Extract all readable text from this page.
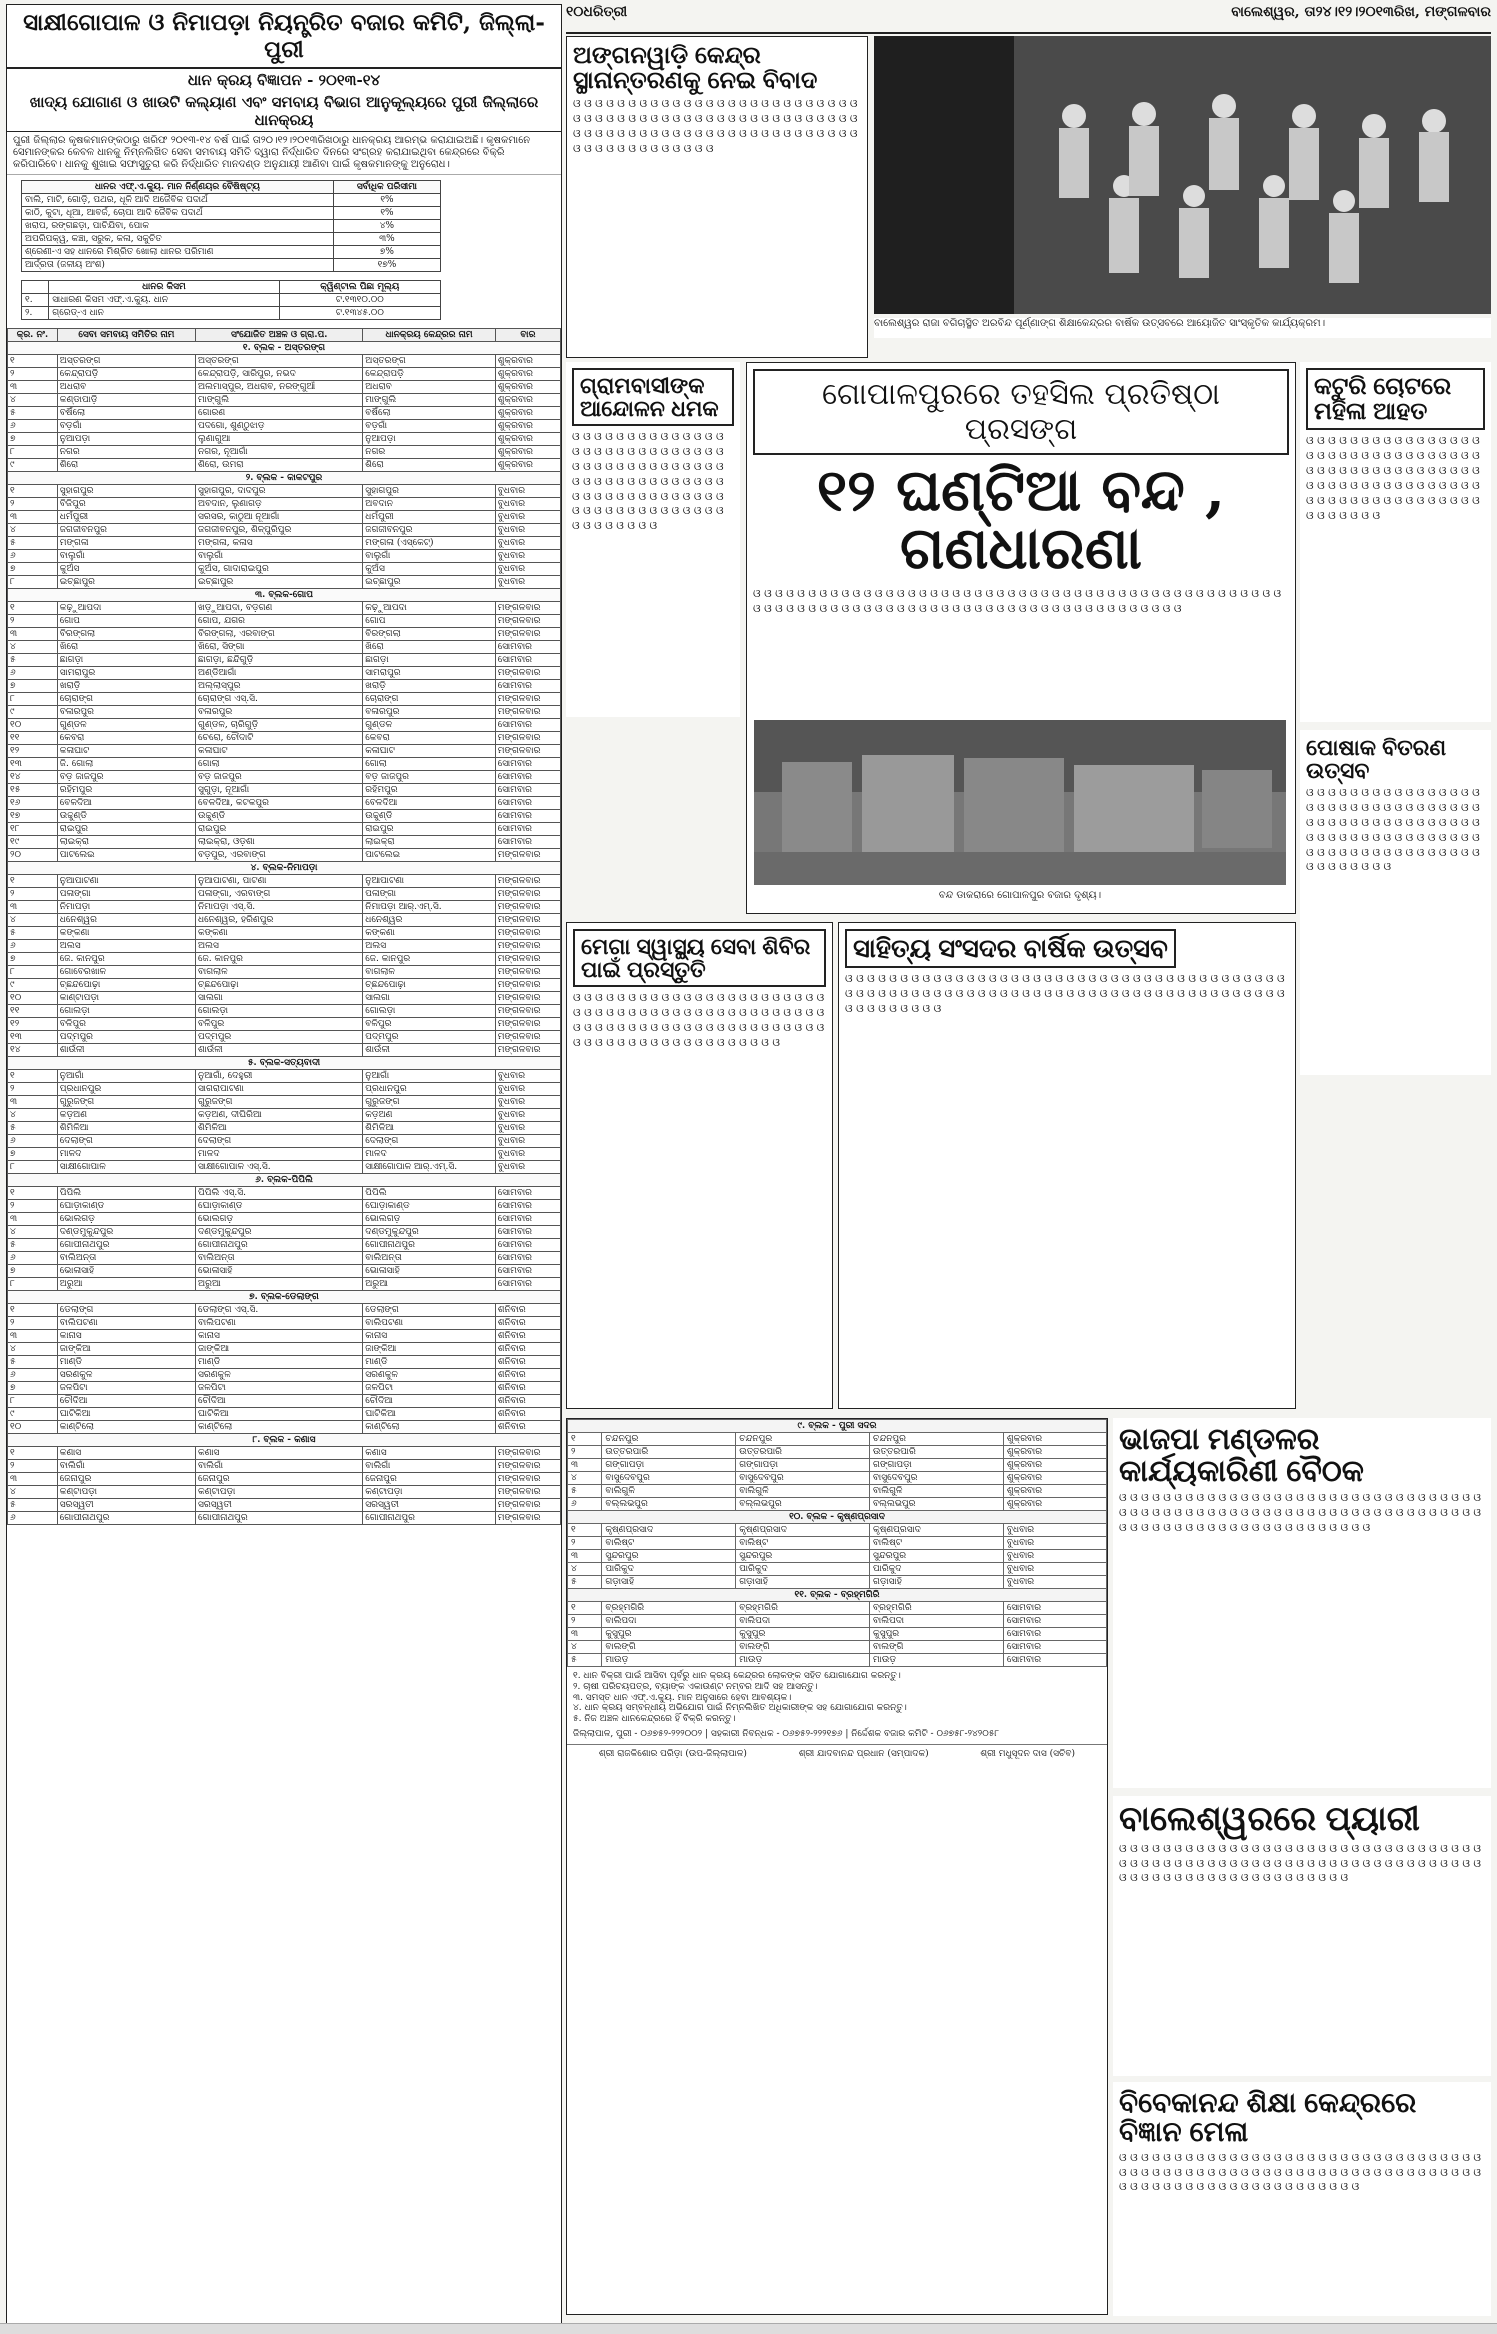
୧୦ଧରିତ୍ରୀ	ବାଲେଶ୍ୱର, ତା୨୪।୧୨।୨୦୧୩ରିଖ, ମଙ୍ଗଳବାର
ସାକ୍ଷୀଗୋପାଳ ଓ ନିମାପଡ଼ା ନିୟନ୍ତ୍ରିତ ବଜାର କମିଟି, ଜିଲ୍ଲା-ପୁରୀ
ଧାନ କ୍ରୟ ବିଜ୍ଞାପନ - ୨୦୧୩-୧୪
ଖାଦ୍ୟ ଯୋଗାଣ ଓ ଖାଉଟି କଲ୍ୟାଣ ଏବଂ ସମବାୟ ବିଭାଗ ଆନୁକୂଲ୍ୟରେ ପୁରୀ ଜିଲ୍ଲାରେ ଧାନକ୍ରୟ
ପୁରୀ ଜିଲ୍ଲାର କୃଷକମାନଙ୍କଠାରୁ ଖରିଫ ୨୦୧୩-୧୪ ବର୍ଷ ପାଇଁ ତା୨୦।୧୨।୨୦୧୩ରିଖଠାରୁ ଧାନକ୍ରୟ ଆରମ୍ଭ କରାଯାଇଅଛି। କୃଷକମାନେ ସେମାନଙ୍କର କେବଳ ଧାନକୁ ନିମ୍ନଲିଖିତ ସେବା ସମବାୟ ସମିତି ଦ୍ୱାରା ନିର୍ଦ୍ଧାରିତ ଦିନରେ ସଂଗ୍ରହ କରାଯାଇଥିବା କେନ୍ଦ୍ରରେ ବିକ୍ରି କରିପାରିବେ। ଧାନକୁ ଶୁଖାଇ ସଫାସୁତୁରା କରି ନିର୍ଦ୍ଧାରିତ ମାନଦଣ୍ଡ ଅନୁଯାୟୀ ଆଣିବା ପାଇଁ କୃଷକମାନଙ୍କୁ ଅନୁରୋଧ।
ଧାନର ଏଫ୍.ଏ.କ୍ୟୁ. ମାନ ନିର୍ଣ୍ଣୟର ବୈଷିଷ୍ଟ୍ୟ	ସର୍ବାଧିକ ପରିସୀମା
ବାଲି, ମାଟି, ଗୋଡ଼ି, ପଥର, ଧୂଳି ଆଦି ଅଜୈବିକ ପଦାର୍ଥ	୧%
କାଠି, କୁଟା, ଧୂଆ, ଆବର୍ଜ, ଚୋପା ଆଦି ଜୈବିକ ପଦାର୍ଥ	୧%
ଖରାପ, ରଙ୍ଗଛଡ଼ା, ପାଚିଯିବା, ପୋକ	୪%
ଅପରିପକ୍ୱ, କଞ୍ଚା, ସରୁକ, କଳା, ସକୁଚିତ	୩%
ଶ୍ରେଣୀ-ଏ ସହ ଧାନରେ ମିଶ୍ରିତ ଖୋଲା ଧାନର ପରିମାଣ	୭%
ଆର୍ଦ୍ରତା (ଜଳୀୟ ଅଂଶ)	୧୭%
	ଧାନର କିସମ	କ୍ୱିଣ୍ଟାଲ ପିଛା ମୂଲ୍ୟ
୧.	ସାଧାରଣ କିସମ ଏଫ୍.ଏ.କ୍ୟୁ. ଧାନ	ଟ.୧୩୧୦.୦୦
୨.	ଗ୍ରେଡ୍-ଏ ଧାନ	ଟ.୧୩୪୫.୦୦
କ୍ର. ନଂ.	ସେବା ସମବାୟ ସମିତିର ନାମ	ସଂଯୋଜିତ ଅଞ୍ଚଳ ଓ ଗ୍ରା.ପ.	ଧାନକ୍ରୟ କେନ୍ଦ୍ରର ନାମ	ବାର
୧. ବ୍ଲକ - ଅସ୍ତରଙ୍ଗ				
୧	ଅସ୍ତରଙ୍ଗ	ଅସ୍ତରଙ୍ଗ	ଅସ୍ତରଙ୍ଗ	ଶୁକ୍ରବାର
୨	କେନ୍ଦ୍ରାପଡ଼ି	କେନ୍ଦ୍ରାପଡ଼ି, ସାରିପୁର, ନଭଦ	କେନ୍ଦ୍ରାପଡ଼ି	ଶୁକ୍ରବାର
୩	ଅଧରାବ	ଅଲମାସ୍ପୁର, ଅଧରାବ, ନରଙ୍ଗୁଆଁ	ଅଧରାବ	ଶୁକ୍ରବାର
୪	କଣ୍ଡାପାଡ଼ି	ମାଙ୍ଗୁଲି	ମାଙ୍ଗୁଲି	ଶୁକ୍ରବାର
୫	ବର୍ଷିଲୋ	ଗୋରଣ	ବର୍ଷିଲୋ	ଶୁକ୍ରବାର
୬	ବଡ଼ଗାଁ	ପଦଗୋ, ଶୁଣ୍ଠୁଝାଡ଼	ବଡ଼ଗାଁ	ଶୁକ୍ରବାର
୭	ନୁଆପଡ଼ା	ଲୁଣାଗୁଆ	ନୁଆପଡ଼ା	ଶୁକ୍ରବାର
୮	ନଗର	ନଗର, ନୂଆଗାଁ	ନଗର	ଶୁକ୍ରବାର
୯	ଶିରୋ	ଶିରୋ, ଉମରା	ଶିରୋ	ଶୁକ୍ରବାର
୨. ବ୍ଲକ - କାକଟପୁର				
୧	ସୁହାଗପୁର	ସୁହାଗପୁର, ଦାଦପୁର	ସୁହାଗପୁର	ବୁଧବାର
୨	ବିଜିପୁର	ଅବଦାନ, ଲୁଣାଗଡ଼	ଅବଦାନ	ବୁଧବାର
୩	ଧର୍ମପୁରୀ	ସରସର, କାଠୁଆ ନୂଆଗାଁ	ଧର୍ମପୁରୀ	ବୁଧବାର
୪	ଜଗଜୀବନପୁର	ଜଗଜୀବନପୁର, ଶିଳ୍ପୁରିପୁର	ଜଗଜୀବନପୁର	ବୁଧବାର
୫	ମଙ୍ଗଳା	ମଙ୍ଗଳା, କଳାସ	ମଙ୍ଗଳା (ଏସ୍କେଟ୍)	ବୁଧବାର
୬	ବାଲୁଗାଁ	ବାଲୁଗାଁ	ବାଲୁଗାଁ	ବୁଧବାର
୭	କୁଅଁସ	କୁଅଁସ, ଗାଦାରାଇପୁର	କୁଅଁସ	ବୁଧବାର
୮	ଇଚ୍ଛାପୁର	ଇଚ୍ଛାପୁର	ଇଚ୍ଛାପୁର	ବୁଧବାର
୩. ବ୍ଲକ-ଗୋପ				
୧	କଢ଼ୁଆପଦା	ଖଡ଼ୁଆପଦା, ବଡ଼ଗଣ	କଢ଼ୁଆପଦା	ମଙ୍ଗଳବାର
୨	ଗୋପ	ଗୋପ, ଯଗର	ଗୋପ	ମଙ୍ଗଳବାର
୩	ବିରଙ୍ଗଲା	ବିରଙ୍ଗଲା, ଏରବାଙ୍ଗ	ବିରଙ୍ଗଲା	ମଙ୍ଗଳବାର
୪	ଖିରୋ	ଖିରୋ, ସିଙ୍ଗା	ଖିରୋ	ସୋମବାର
୫	ଛାଗଡ଼ା	ଛାଗଡ଼ା, ଛନ୍ଦିଗୁଡ଼ି	ଛାଗଡ଼ା	ସୋମବାର
୬	ସାମରାପୁର	ଅଣ୍ଡିଆଗାଁ	ସାମରାପୁର	ମଙ୍ଗଳବାର
୭	ଖରାଡ଼ି	ଅଲ୍ଲାସ୍ପୁର	ଖରାଡ଼ି	ସୋମବାର
୮	ଚୋରାଙ୍ଗ	ଚୋରାଙ୍ଗ ଏସ୍.ସି.	ଚୋରାଙ୍ଗ	ମଙ୍ଗଳବାର
୯	ବଳାରପୁର	ବଳାରପୁର	ବଳାରପୁର	ମଙ୍ଗଳବାର
୧୦	ଗୁଣ୍ଡଳ	ଗୁଣ୍ଡଳ, ଚାରିଗୁଡ଼ି	ଗୁଣ୍ଡଳ	ସୋମବାର
୧୧	କେବରା	ଚେରୋ, ଚୌଦାଟି	କେବରା	ମଙ୍ଗଳବାର
୧୨	କଳାଘାଟ	କଳାଘାଟ	କଳାଘାଟ	ମଙ୍ଗଳବାର
୧୩	ଜି. ଗୋଲା	ଗୋଲା	ଗୋଲା	ସୋମବାର
୧୪	ବଡ଼ ଜାଜପୁର	ବଡ଼ ଜାଜପୁର	ବଡ଼ ଜାଜପୁର	ସୋମବାର
୧୫	ରହିମପୁର	ସୁଗୁଡ଼ା, ନୂଆଗାଁ	ରହିମପୁର	ସୋମବାର
୧୬	ବେଳଦିଆ	ବେଳଦିଆ, କଟକପୁର	ବେଳଦିଆ	ସୋମବାର
୧୭	ଉଚ୍ଚୁଣ୍ଡି	ଉଚ୍ଚୁଣ୍ଡି	ଉଚ୍ଚୁଣ୍ଡି	ସୋମବାର
୧୮	ରାଇପୁର	ରାଇପୁର	ରାଇପୁର	ସୋମବାର
୧୯	ଲାଇକ୍ରା	ଲାଇକ୍ରା, ଓଡ଼ଶା	ଲାଇକ୍ରା	ସୋମବାର
୨୦	ପାଟଲେଇ	ବଡ଼ପୁର, ଏରବାଙ୍ଗ	ପାଟଲେଇ	ମଙ୍ଗଳବାର
୪. ବ୍ଲକ-ନିମାପଡ଼ା				
୧	ନୁଆପାଟଣା	ନୁଆପାଟଣା, ପାଟଣା	ନୁଆପାଟଣା	ମଙ୍ଗଳବାର
୨	ପଳାଙ୍ଗା	ପଳାଙ୍ଗା, ଏରବାଙ୍ଗ	ପଳାଙ୍ଗା	ମଙ୍ଗଳବାର
୩	ନିମାପଡ଼ା	ନିମାପଡ଼ା ଏସ୍.ସି.	ନିମାପଡ଼ା ଆର୍.ଏମ୍.ସି.	ମଙ୍ଗଳବାର
୪	ଧନେଶ୍ୱର	ଧନେଶ୍ୱର, ହରିଣପୁର	ଧନେଶ୍ୱର	ମଙ୍ଗଳବାର
୫	କଙ୍କଣା	କଙ୍କଣା	କଙ୍କଣା	ମଙ୍ଗଳବାର
୬	ଅଲସ	ଅଲସ	ଅଲସ	ମଙ୍ଗଳବାର
୭	ଜେ. କାନପୁର	ଜେ. କାନପୁର	ଜେ. କାନପୁର	ମଙ୍ଗଳବାର
୮	ଗୋବେରଖାଳ	ବାଗଲାଳ	ବାଗଲାଳ	ମଙ୍ଗଳବାର
୯	ଚ୍ଛନ୍ଦପୋଢ଼ା	ଚ୍ଛନ୍ଦପୋଢ଼ା	ଚ୍ଛନ୍ଦପୋଢ଼ା	ମଙ୍ଗଳବାର
୧୦	କାଣ୍ଟାପଡ଼ା	ସାଲଗା	ସାଲଗା	ମଙ୍ଗଳବାର
୧୧	ଗୋଲଡ଼ା	ଗୋଲଡ଼ା	ଗୋଲଡ଼ା	ମଙ୍ଗଳବାର
୧୨	ବଳିପୁର	ବଳିପୁର	ବଳିପୁର	ମଙ୍ଗଳବାର
୧୩	ପଦ୍ମପୁର	ପଦ୍ମପୁର	ପଦ୍ମପୁର	ମଙ୍ଗଳବାର
୧୪	ଶାଉଁଳୀ	ଶାଉଁଳୀ	ଶାଉଁଳୀ	ମଙ୍ଗଳବାର
୫. ବ୍ଲକ-ସତ୍ୟବାଦୀ				
୧	ନୁଆଗାଁ	ନୁଆଗାଁ, ଦେହୁରୀ	ନୁଆଗାଁ	ବୁଧବାର
୨	ପ୍ରଧାନପୁର	ସାଗରାପାଟଣା	ପ୍ରଧାନପୁର	ବୁଧବାର
୩	ଗୁରୁଜଙ୍ଗ	ଗୁରୁଜଙ୍ଗ	ଗୁରୁଜଙ୍ଗ	ବୁଧବାର
୪	କଡ଼ଅଣ	କଡ଼ଅଣ, ଦୀଘିରିଆ	କଡ଼ଅଣ	ବୁଧବାର
୫	ଶିମିଳିଆ	ଶିମିଳିଆ	ଶିମିଳିଆ	ବୁଧବାର
୬	ଦେଲାଙ୍ଗ	ଦେଲାଙ୍ଗ	ଦେଲାଙ୍ଗ	ବୁଧବାର
୭	ମାଳଦ	ମାଳଦ	ମାଳଦ	ବୁଧବାର
୮	ସାକ୍ଷୀଗୋପାଳ	ସାକ୍ଷୀଗୋପାଳ ଏସ୍.ସି.	ସାକ୍ଷୀଗୋପାଳ ଆର୍.ଏମ୍.ସି.	ବୁଧବାର
୬. ବ୍ଲକ-ପିପିଲି				
୧	ପିପିଲି	ପିପିଲି ଏସ୍.ସି.	ପିପିଲି	ସୋମବାର
୨	ଘୋଡ଼ାକାଣ୍ଡ	ଘୋଡ଼ାକାଣ୍ଡ	ଘୋଡ଼ାକାଣ୍ଡ	ସୋମବାର
୩	ଭୋଲଗଡ଼	ଭୋଲଗଡ଼	ଭୋଲଗଡ଼	ସୋମବାର
୪	ଦଣ୍ଡମୁକୁନ୍ଦପୁର	ଦଣ୍ଡମୁକୁନ୍ଦପୁର	ଦଣ୍ଡମୁକୁନ୍ଦପୁର	ସୋମବାର
୫	ଗୋପୀନାଥପୁର	ଗୋପୀନାଥପୁର	ଗୋପୀନାଥପୁର	ସୋମବାର
୬	ବାଲିଅନ୍ତା	ବାଲିଅନ୍ତା	ବାଲିଅନ୍ତା	ସୋମବାର
୭	ଭୋଳାସାହି	ଭୋଳାସାହି	ଭୋଳାସାହି	ସୋମବାର
୮	ଅରୁଆ	ଅରୁଆ	ଅରୁଆ	ସୋମବାର
୭. ବ୍ଲକ-ଡେଲାଙ୍ଗ				
୧	ଡେଲାଙ୍ଗ	ଡେଲାଙ୍ଗ ଏସ୍.ସି.	ଡେଲାଙ୍ଗ	ଶନିବାର
୨	ବାଲିପଟଣା	ବାଲିପଟଣା	ବାଲିପଟଣା	ଶନିବାର
୩	କାନାସ	କାନାସ	କାନାସ	ଶନିବାର
୪	ଜାଙ୍କିଆ	ଜାଙ୍କିଆ	ଜାଙ୍କିଆ	ଶନିବାର
୫	ମାଣ୍ଡି	ମାଣ୍ଡି	ମାଣ୍ଡି	ଶନିବାର
୬	ସରଣକୁଳ	ସରଣକୁଳ	ସରଣକୁଳ	ଶନିବାର
୭	ଜଳପିଟା	ଜଳପିଟା	ଜଳପିଟା	ଶନିବାର
୮	ଚୌଦିଆ	ଚୌଦିଆ	ଚୌଦିଆ	ଶନିବାର
୯	ଘାଟିକିଆ	ଘାଟିକିଆ	ଘାଟିକିଆ	ଶନିବାର
୧୦	କାଣ୍ଟିଲୋ	କାଣ୍ଟିଲୋ	କାଣ୍ଟିଲୋ	ଶନିବାର
୮. ବ୍ଲକ - କଣାସ				
୧	କଣାସ	କଣାସ	କଣାସ	ମଙ୍ଗଳବାର
୨	ବାଲିଗାଁ	ବାଲିଗାଁ	ବାଲିଗାଁ	ମଙ୍ଗଳବାର
୩	ଜେନାପୁର	ଜେନାପୁର	ଜେନାପୁର	ମଙ୍ଗଳବାର
୪	କଣ୍ଟାପଡ଼ା	କଣ୍ଟାପଡ଼ା	କଣ୍ଟାପଡ଼ା	ମଙ୍ଗଳବାର
୫	ସରସ୍ୱତୀ	ସରସ୍ୱତୀ	ସରସ୍ୱତୀ	ମଙ୍ଗଳବାର
୬	ଗୋପୀନାଥପୁର	ଗୋପୀନାଥପୁର	ଗୋପୀନାଥପୁର	ମଙ୍ଗଳବାର
ଅଙ୍ଗନୱାଡ଼ି କେନ୍ଦ୍ର ସ୍ଥାନାନ୍ତରଣକୁ ନେଇ ବିବାଦ

ଓ ଓ ଓ ଓ ଓ ଓ ଓ ଓ ଓ ଓ ଓ ଓ ଓ ଓ ଓ ଓ ଓ ଓ ଓ ଓ ଓ ଓ ଓ ଓ ଓ ଓ ଓ ଓ ଓ ଓ ଓ ଓ ଓ ଓ ଓ ଓ ଓ ଓ ଓ ଓ ଓ ଓ ଓ ଓ ଓ ଓ ଓ ଓ ଓ ଓ ଓ ଓ ଓ ଓ ଓ ଓ ଓ ଓ ଓ ଓ ଓ ଓ ଓ ଓ ଓ ଓ ଓ ଓ ଓ ଓ ଓ ଓ ଓ ଓ ଓ ଓ ଓ ଓ ଓ ଓ ଓ ଓ ଓ ଓ ଓ ଓ ଓ ଓ ଓ ଓ ଓ

ବାଲେଶ୍ୱର ରାଜା ବଗିଚାସ୍ଥିତ ଅରବିନ୍ଦ ପୂର୍ଣ୍ଣାଙ୍ଗ ଶିକ୍ଷାକେନ୍ଦ୍ରର ବାର୍ଷିକ ଉତ୍ସବରେ ଆୟୋଜିତ ସାଂସ୍କୃତିକ କାର୍ଯ୍ୟକ୍ରମ।
ଗ୍ରାମବାସୀଙ୍କ ଆନ୍ଦୋଳନ ଧମକ

ଓ ଓ ଓ ଓ ଓ ଓ ଓ ଓ ଓ ଓ ଓ ଓ ଓ ଓ ଓ ଓ ଓ ଓ ଓ ଓ ଓ ଓ ଓ ଓ ଓ ଓ ଓ ଓ ଓ ଓ ଓ ଓ ଓ ଓ ଓ ଓ ଓ ଓ ଓ ଓ ଓ ଓ ଓ ଓ ଓ ଓ ଓ ଓ ଓ ଓ ଓ ଓ ଓ ଓ ଓ ଓ ଓ ଓ ଓ ଓ ଓ ଓ ଓ ଓ ଓ ଓ ଓ ଓ ଓ ଓ ଓ ଓ ଓ ଓ ଓ ଓ ଓ ଓ ଓ ଓ ଓ ଓ ଓ ଓ ଓ ଓ ଓ ଓ ଓ ଓ ଓ ଓ

ଗୋପାଳପୁରରେ ତହସିଲ ପ୍ରତିଷ୍ଠା ପ୍ରସଙ୍ଗ
୧୨ ଘଣ୍ଟିଆ ବନ୍ଦ , ଗଣଧାରଣା

ଓ ଓ ଓ ଓ ଓ ଓ ଓ ଓ ଓ ଓ ଓ ଓ ଓ ଓ ଓ ଓ ଓ ଓ ଓ ଓ ଓ ଓ ଓ ଓ ଓ ଓ ଓ ଓ ଓ ଓ ଓ ଓ ଓ ଓ ଓ ଓ ଓ ଓ ଓ ଓ ଓ ଓ ଓ ଓ ଓ ଓ ଓ ଓ ଓ ଓ ଓ ଓ ଓ ଓ ଓ ଓ ଓ ଓ ଓ ଓ ଓ ଓ ଓ ଓ ଓ ଓ ଓ ଓ ଓ ଓ ଓ ଓ ଓ ଓ ଓ ଓ ଓ ଓ ଓ ଓ ଓ ଓ ଓ ଓ ଓ ଓ ଓ

ବନ୍ଦ ଡାକରାରେ ଗୋପାଳପୁର ବଜାର ଦୃଶ୍ୟ।
କଟୁରି ଚୋଟରେ ମହିଳା ଆହତ

ଓ ଓ ଓ ଓ ଓ ଓ ଓ ଓ ଓ ଓ ଓ ଓ ଓ ଓ ଓ ଓ ଓ ଓ ଓ ଓ ଓ ଓ ଓ ଓ ଓ ଓ ଓ ଓ ଓ ଓ ଓ ଓ ଓ ଓ ଓ ଓ ଓ ଓ ଓ ଓ ଓ ଓ ଓ ଓ ଓ ଓ ଓ ଓ ଓ ଓ ଓ ଓ ଓ ଓ ଓ ଓ ଓ ଓ ଓ ଓ ଓ ଓ ଓ ଓ ଓ ଓ ଓ ଓ ଓ ଓ ଓ ଓ ଓ ଓ ଓ ଓ ଓ ଓ ଓ ଓ ଓ ଓ ଓ ଓ ଓ ଓ ଓ

ପୋଷାକ ବିତରଣ ଉତ୍ସବ

ଓ ଓ ଓ ଓ ଓ ଓ ଓ ଓ ଓ ଓ ଓ ଓ ଓ ଓ ଓ ଓ ଓ ଓ ଓ ଓ ଓ ଓ ଓ ଓ ଓ ଓ ଓ ଓ ଓ ଓ ଓ ଓ ଓ ଓ ଓ ଓ ଓ ଓ ଓ ଓ ଓ ଓ ଓ ଓ ଓ ଓ ଓ ଓ ଓ ଓ ଓ ଓ ଓ ଓ ଓ ଓ ଓ ଓ ଓ ଓ ଓ ଓ ଓ ଓ ଓ ଓ ଓ ଓ ଓ ଓ ଓ ଓ ଓ ଓ ଓ ଓ ଓ ଓ ଓ ଓ ଓ ଓ ଓ ଓ ଓ ଓ ଓ ଓ

ମେଗା ସ୍ୱାସ୍ଥ୍ୟ ସେବା ଶିବିର ପାଇଁ ପ୍ରସ୍ତୁତି

ଓ ଓ ଓ ଓ ଓ ଓ ଓ ଓ ଓ ଓ ଓ ଓ ଓ ଓ ଓ ଓ ଓ ଓ ଓ ଓ ଓ ଓ ଓ ଓ ଓ ଓ ଓ ଓ ଓ ଓ ଓ ଓ ଓ ଓ ଓ ଓ ଓ ଓ ଓ ଓ ଓ ଓ ଓ ଓ ଓ ଓ ଓ ଓ ଓ ଓ ଓ ଓ ଓ ଓ ଓ ଓ ଓ ଓ ଓ ଓ ଓ ଓ ଓ ଓ ଓ ଓ ଓ ଓ ଓ ଓ ଓ ଓ ଓ ଓ ଓ ଓ ଓ ଓ ଓ ଓ ଓ ଓ ଓ ଓ ଓ ଓ ଓ ଓ

ସାହିତ୍ୟ ସଂସଦର ବାର୍ଷିକ ଉତ୍ସବ

ଓ ଓ ଓ ଓ ଓ ଓ ଓ ଓ ଓ ଓ ଓ ଓ ଓ ଓ ଓ ଓ ଓ ଓ ଓ ଓ ଓ ଓ ଓ ଓ ଓ ଓ ଓ ଓ ଓ ଓ ଓ ଓ ଓ ଓ ଓ ଓ ଓ ଓ ଓ ଓ ଓ ଓ ଓ ଓ ଓ ଓ ଓ ଓ ଓ ଓ ଓ ଓ ଓ ଓ ଓ ଓ ଓ ଓ ଓ ଓ ଓ ଓ ଓ ଓ ଓ ଓ ଓ ଓ ଓ ଓ ଓ ଓ ଓ ଓ ଓ ଓ ଓ ଓ ଓ ଓ ଓ ଓ ଓ ଓ ଓ ଓ ଓ ଓ ଓ

୯. ବ୍ଲକ - ପୁରୀ ସଦର				
୧	ଚନ୍ଦନପୁର	ଚନ୍ଦନପୁର	ଚନ୍ଦନପୁର	ଶୁକ୍ରବାର
୨	ଉତ୍ତରପାରି	ଉତ୍ତରପାରି	ଉତ୍ତରପାରି	ଶୁକ୍ରବାର
୩	ଗଙ୍ଗାପଡ଼ା	ଗଙ୍ଗାପଡ଼ା	ଗଙ୍ଗାପଡ଼ା	ଶୁକ୍ରବାର
୪	ବାସୁଦେବପୁର	ବାସୁଦେବପୁର	ବାସୁଦେବପୁର	ଶୁକ୍ରବାର
୫	ବାଲିଗୁଳି	ବାଲିଗୁଳି	ବାଲିଗୁଳି	ଶୁକ୍ରବାର
୬	ବଲ୍ଲଭପୁର	ବଲ୍ଲଭପୁର	ବଲ୍ଲଭପୁର	ଶୁକ୍ରବାର
୧୦. ବ୍ଲକ - କୃଷ୍ଣପ୍ରସାଦ				
୧	କୃଷ୍ଣପ୍ରସାଦ	କୃଷ୍ଣପ୍ରସାଦ	କୃଷ୍ଣପ୍ରସାଦ	ବୁଧବାର
୨	ବାଲିଷ୍ଟ	ବାଲିଷ୍ଟ	ବାଲିଷ୍ଟ	ବୁଧବାର
୩	ସୁନ୍ଦରପୁର	ସୁନ୍ଦରପୁର	ସୁନ୍ଦରପୁର	ବୁଧବାର
୪	ପାରିକୁଦ	ପାରିକୁଦ	ପାରିକୁଦ	ବୁଧବାର
୫	ଗଡ଼ାସାହି	ଗଡ଼ାସାହି	ଗଡ଼ାସାହି	ବୁଧବାର
୧୧. ବ୍ଲକ - ବ୍ରହ୍ମଗିରି				
୧	ବ୍ରହ୍ମଗିରି	ବ୍ରହ୍ମଗିରି	ବ୍ରହ୍ମଗିରି	ସୋମବାର
୨	ବାଲିପଦା	ବାଲିପଦା	ବାଲିପଦା	ସୋମବାର
୩	କୁସୁପୁର	କୁସୁପୁର	କୁସୁପୁର	ସୋମବାର
୪	ବାଲଙ୍ଗି	ବାଲଙ୍ଗି	ବାଲଙ୍ଗି	ସୋମବାର
୫	ମାଉଡ଼	ମାଉଡ଼	ମାଉଡ଼	ସୋମବାର
୧. ଧାନ ବିକ୍ରୀ ପାଇଁ ଆସିବା ପୂର୍ବରୁ ଧାନ କ୍ରୟ କେନ୍ଦ୍ରର ଲୋକଙ୍କ ସହିତ ଯୋଗାଯୋଗ କରନ୍ତୁ।
୨. ଚାଷୀ ପରିଚୟପତ୍ର, ବ୍ୟାଙ୍କ ଏକାଉଣ୍ଟ ନମ୍ବର ଆଦି ସହ ଆସନ୍ତୁ।
୩. ସମସ୍ତ ଧାନ ଏଫ୍.ଏ.କ୍ୟୁ. ମାନ ଅନୁସାରେ ହେବା ଆବଶ୍ୟକ।
୪. ଧାନ କ୍ରୟ ସମ୍ବନ୍ଧୀୟ ଅଭିଯୋଗ ପାଇଁ ନିମ୍ନଲିଖିତ ଅଧିକାରୀଙ୍କ ସହ ଯୋଗାଯୋଗ କରନ୍ତୁ।
୫. ନିଜ ଅଞ୍ଚଳ ଧାନକେନ୍ଦ୍ରରେ ହିଁ ବିକ୍ରି କରନ୍ତୁ।
ଜିଲ୍ଲାପାଳ, ପୁରୀ - ୦୬୭୫୨-୨୨୨୦୦୨ | ସହକାରୀ ନିବନ୍ଧକ - ୦୬୭୫୨-୨୨୨୧୭୬ | ନିର୍ଦ୍ଦେଶକ ବଜାର କମିଟି - ୦୬୭୫୮-୨୪୨୦୫୮
ଶ୍ରୀ ରାଜକିଶୋର ପରିଡ଼ା (ଉପ-ଜିଲ୍ଲାପାଳ)	ଶ୍ରୀ ଯାଦବାନନ୍ଦ ପ୍ରଧାନ (ସମ୍ପାଦକ)	ଶ୍ରୀ ମଧୁସୂଦନ ଦାସ (ସଚିବ)
ଭାଜପା ମଣ୍ଡଳର କାର୍ଯ୍ୟକାରିଣୀ ବୈଠକ

ଓ ଓ ଓ ଓ ଓ ଓ ଓ ଓ ଓ ଓ ଓ ଓ ଓ ଓ ଓ ଓ ଓ ଓ ଓ ଓ ଓ ଓ ଓ ଓ ଓ ଓ ଓ ଓ ଓ ଓ ଓ ଓ ଓ ଓ ଓ ଓ ଓ ଓ ଓ ଓ ଓ ଓ ଓ ଓ ଓ ଓ ଓ ଓ ଓ ଓ ଓ ଓ ଓ ଓ ଓ ଓ ଓ ଓ ଓ ଓ ଓ ଓ ଓ ଓ ଓ ଓ ଓ ଓ ଓ ଓ ଓ ଓ ଓ ଓ ଓ ଓ ଓ ଓ ଓ ଓ ଓ ଓ ଓ ଓ ଓ ଓ ଓ ଓ ଓ

ବାଲେଶ୍ୱରରେ ପ୍ୟାରୀ

ଓ ଓ ଓ ଓ ଓ ଓ ଓ ଓ ଓ ଓ ଓ ଓ ଓ ଓ ଓ ଓ ଓ ଓ ଓ ଓ ଓ ଓ ଓ ଓ ଓ ଓ ଓ ଓ ଓ ଓ ଓ ଓ ଓ ଓ ଓ ଓ ଓ ଓ ଓ ଓ ଓ ଓ ଓ ଓ ଓ ଓ ଓ ଓ ଓ ଓ ଓ ଓ ଓ ଓ ଓ ଓ ଓ ଓ ଓ ଓ ଓ ଓ ଓ ଓ ଓ ଓ ଓ ଓ ଓ ଓ ଓ ଓ ଓ ଓ ଓ ଓ ଓ ଓ ଓ ଓ ଓ ଓ ଓ ଓ ଓ ଓ ଓ

ବିବେକାନନ୍ଦ ଶିକ୍ଷା କେନ୍ଦ୍ରରେ ବିଜ୍ଞାନ ମେଳା

ଓ ଓ ଓ ଓ ଓ ଓ ଓ ଓ ଓ ଓ ଓ ଓ ଓ ଓ ଓ ଓ ଓ ଓ ଓ ଓ ଓ ଓ ଓ ଓ ଓ ଓ ଓ ଓ ଓ ଓ ଓ ଓ ଓ ଓ ଓ ଓ ଓ ଓ ଓ ଓ ଓ ଓ ଓ ଓ ଓ ଓ ଓ ଓ ଓ ଓ ଓ ଓ ଓ ଓ ଓ ଓ ଓ ଓ ଓ ଓ ଓ ଓ ଓ ଓ ଓ ଓ ଓ ଓ ଓ ଓ ଓ ଓ ଓ ଓ ଓ ଓ ଓ ଓ ଓ ଓ ଓ ଓ ଓ ଓ ଓ ଓ ଓ ଓ
